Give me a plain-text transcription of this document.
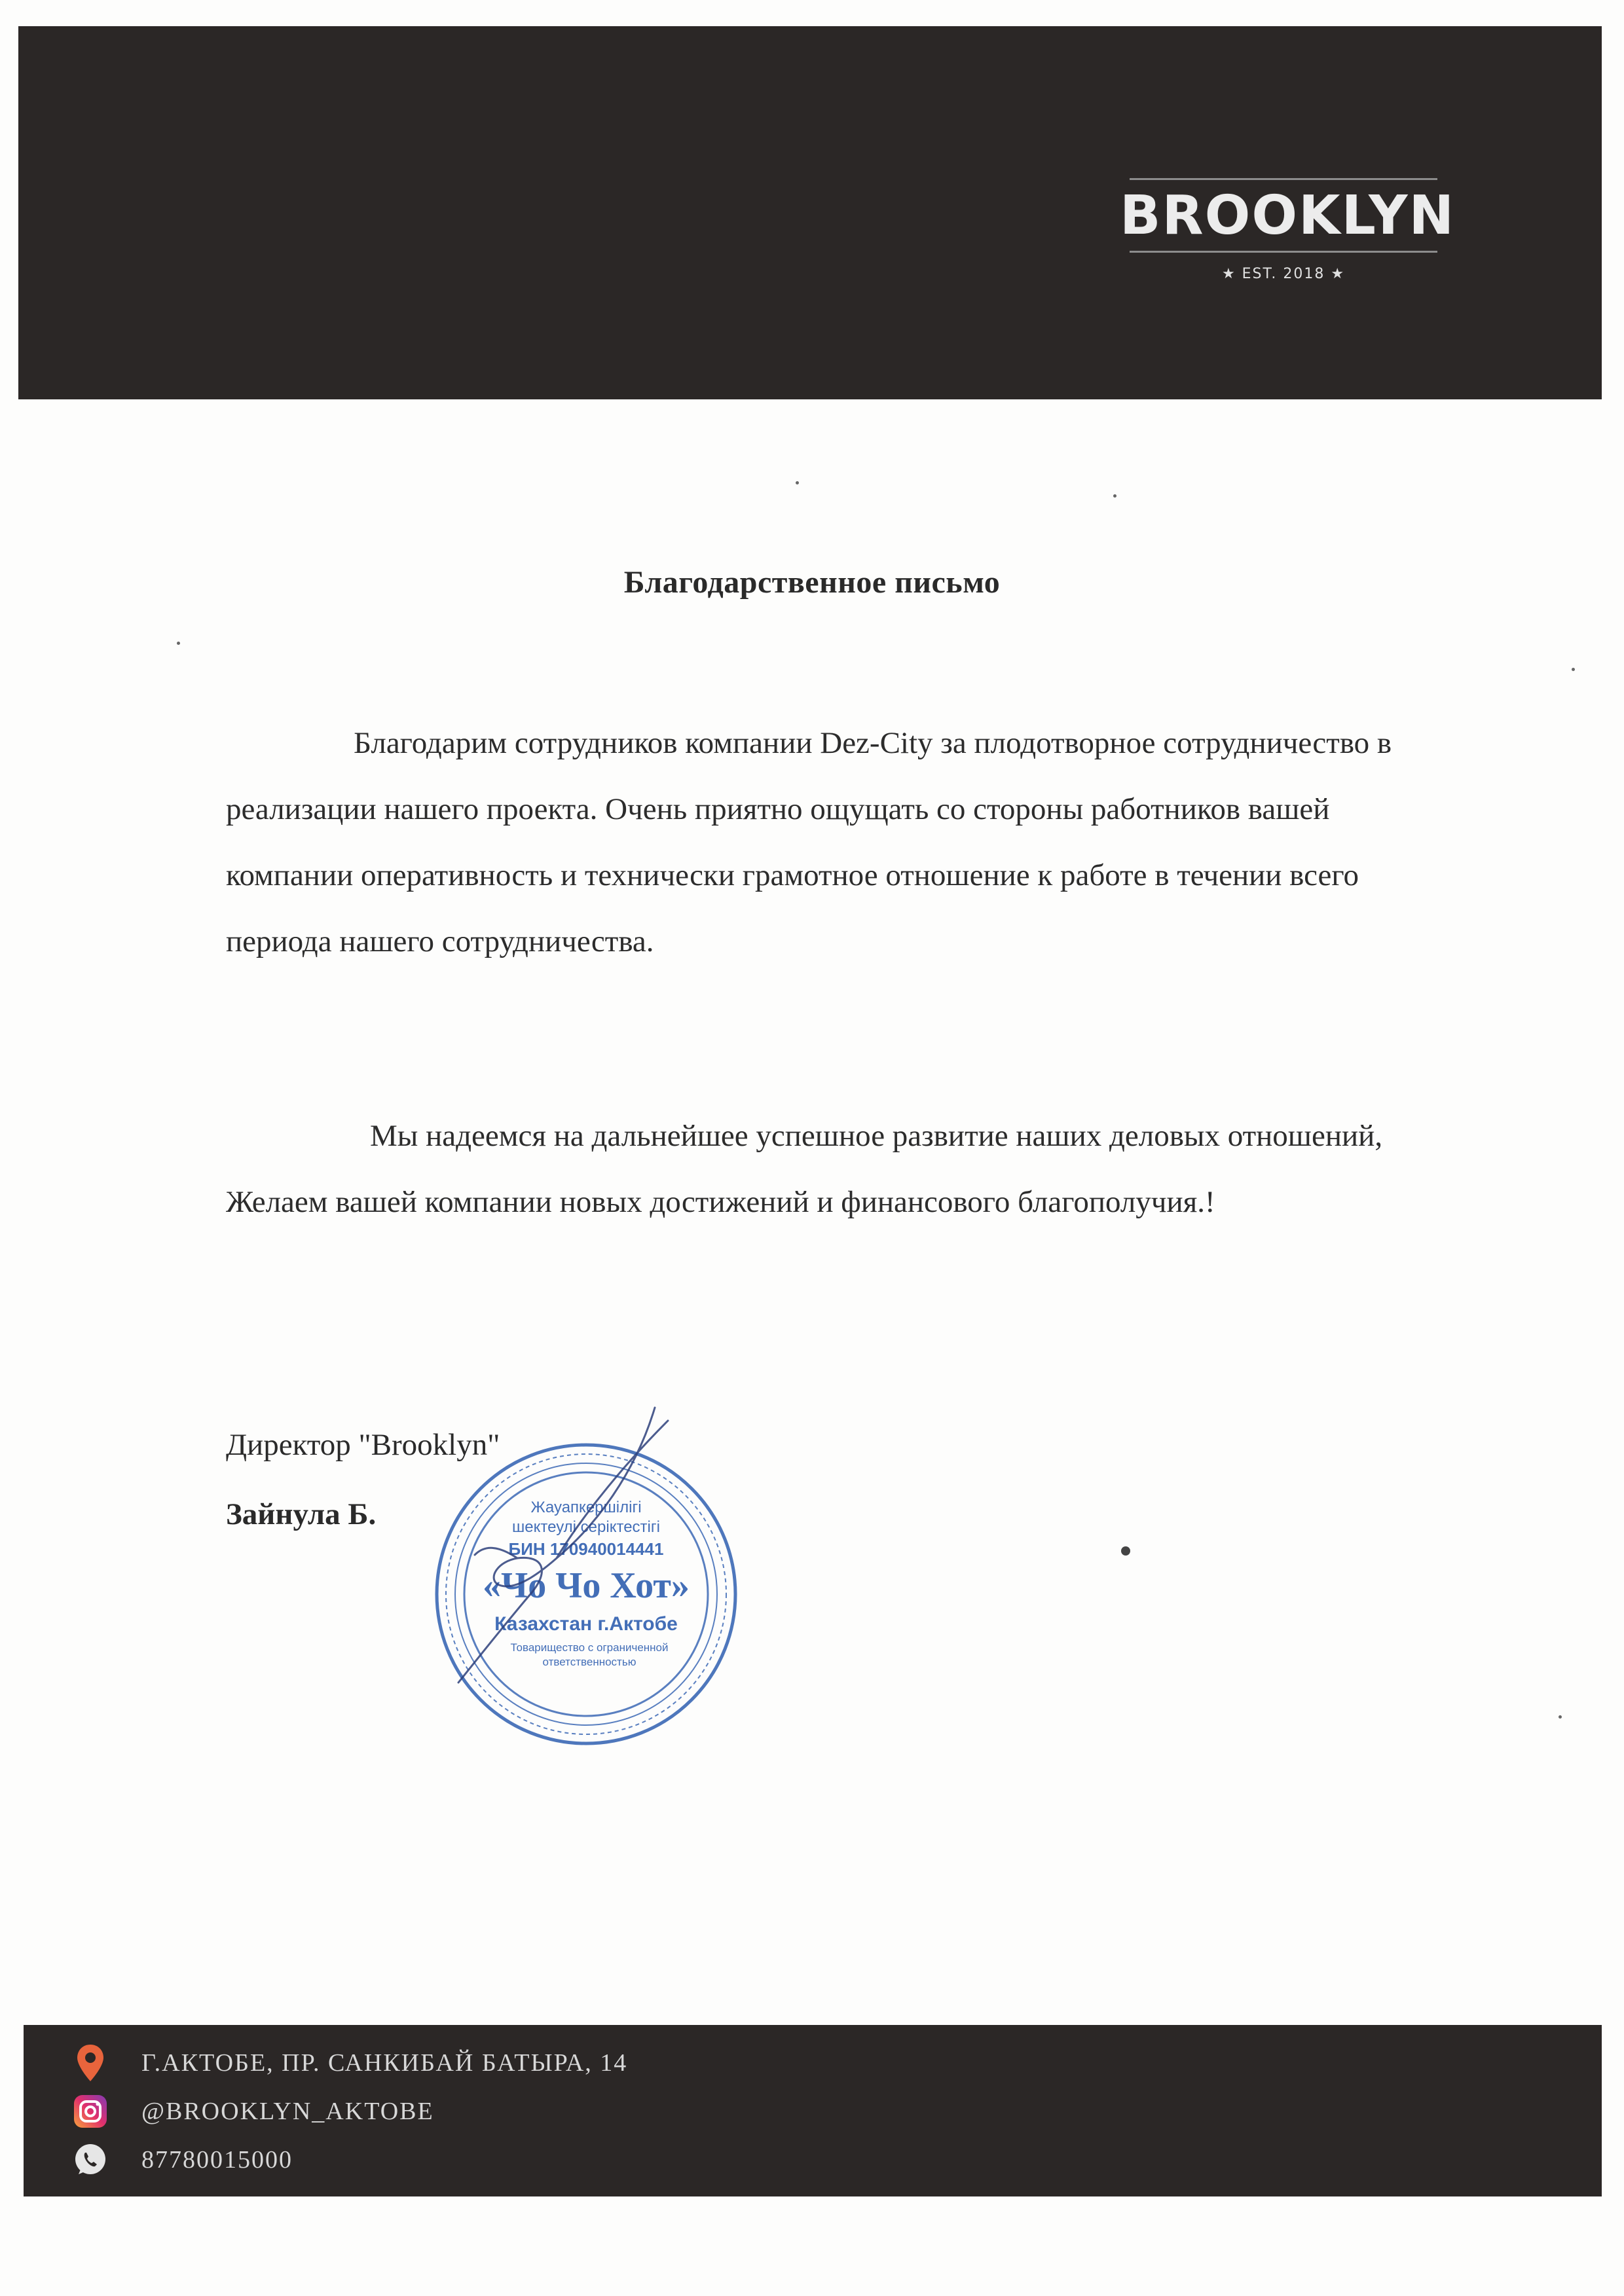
BROOKLYN
★ EST. 2018 ★
Благодарственное письмо

Благодарим сотрудников компании Dez-City за плодотворное сотрудничество в реализации нашего проекта. Очень приятно ощущать со стороны работников вашей компании оперативность и технически грамотное отношение к работе в течении всего периода нашего сотрудничества.

Мы надеемся на дальнейшее успешное развитие наших деловых отношений, Желаем вашей компании новых достижений и финансового благополучия.!

Директор "Brooklyn"
Зайнула Б.	Жауапкершілігі
шектеулі серіктестігі
БИН 170940014441
«Чо Чо Хот»
Казахстан г.Актобе
Товарищество с ограниченной
ответственностью
Г.АКТОБЕ, ПР. САНКИБАЙ БАТЫРА, 14
@BROOKLYN_AKTOBE
87780015000
